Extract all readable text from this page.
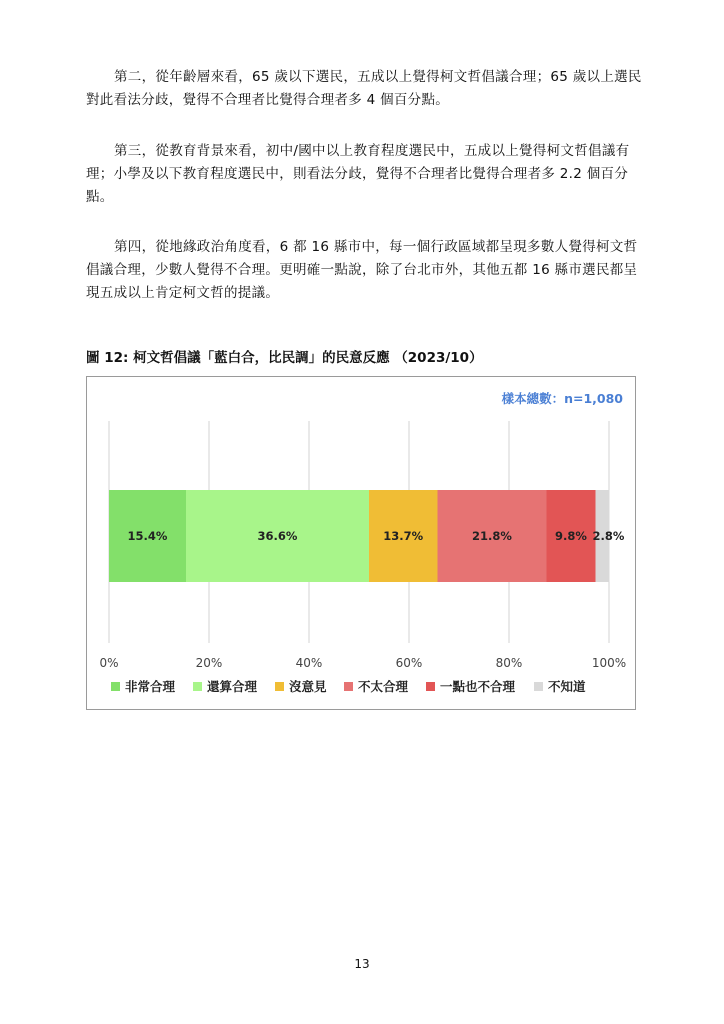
第二，從年齡層來看，65 歲以下選民，五成以上覺得柯文哲倡議合理；65 歲以上選民對此看法分歧，覺得不合理者比覺得合理者多 4 個百分點。

第三，從教育背景來看，初中/國中以上教育程度選民中，五成以上覺得柯文哲倡議有理；小學及以下教育程度選民中，則看法分歧，覺得不合理者比覺得合理者多 2.2 個百分點。

第四，從地緣政治角度看，6 都 16 縣市中，每一個行政區域都呈現多數人覺得柯文哲倡議合理，少數人覺得不合理。更明確一點說，除了台北市外，其他五都 16 縣市選民都呈現五成以上肯定柯文哲的提議。

圖 12: 柯文哲倡議「藍白合，比民調」的民意反應 （2023/10）

樣本總數：n=1,080
0%	20%	40%	60%	80%	100%
15.4%	36.6%	13.7%	21.8%	9.8% 2.8%
非常合理	還算合理	沒意見	不太合理	一點也不合理	不知道
13
